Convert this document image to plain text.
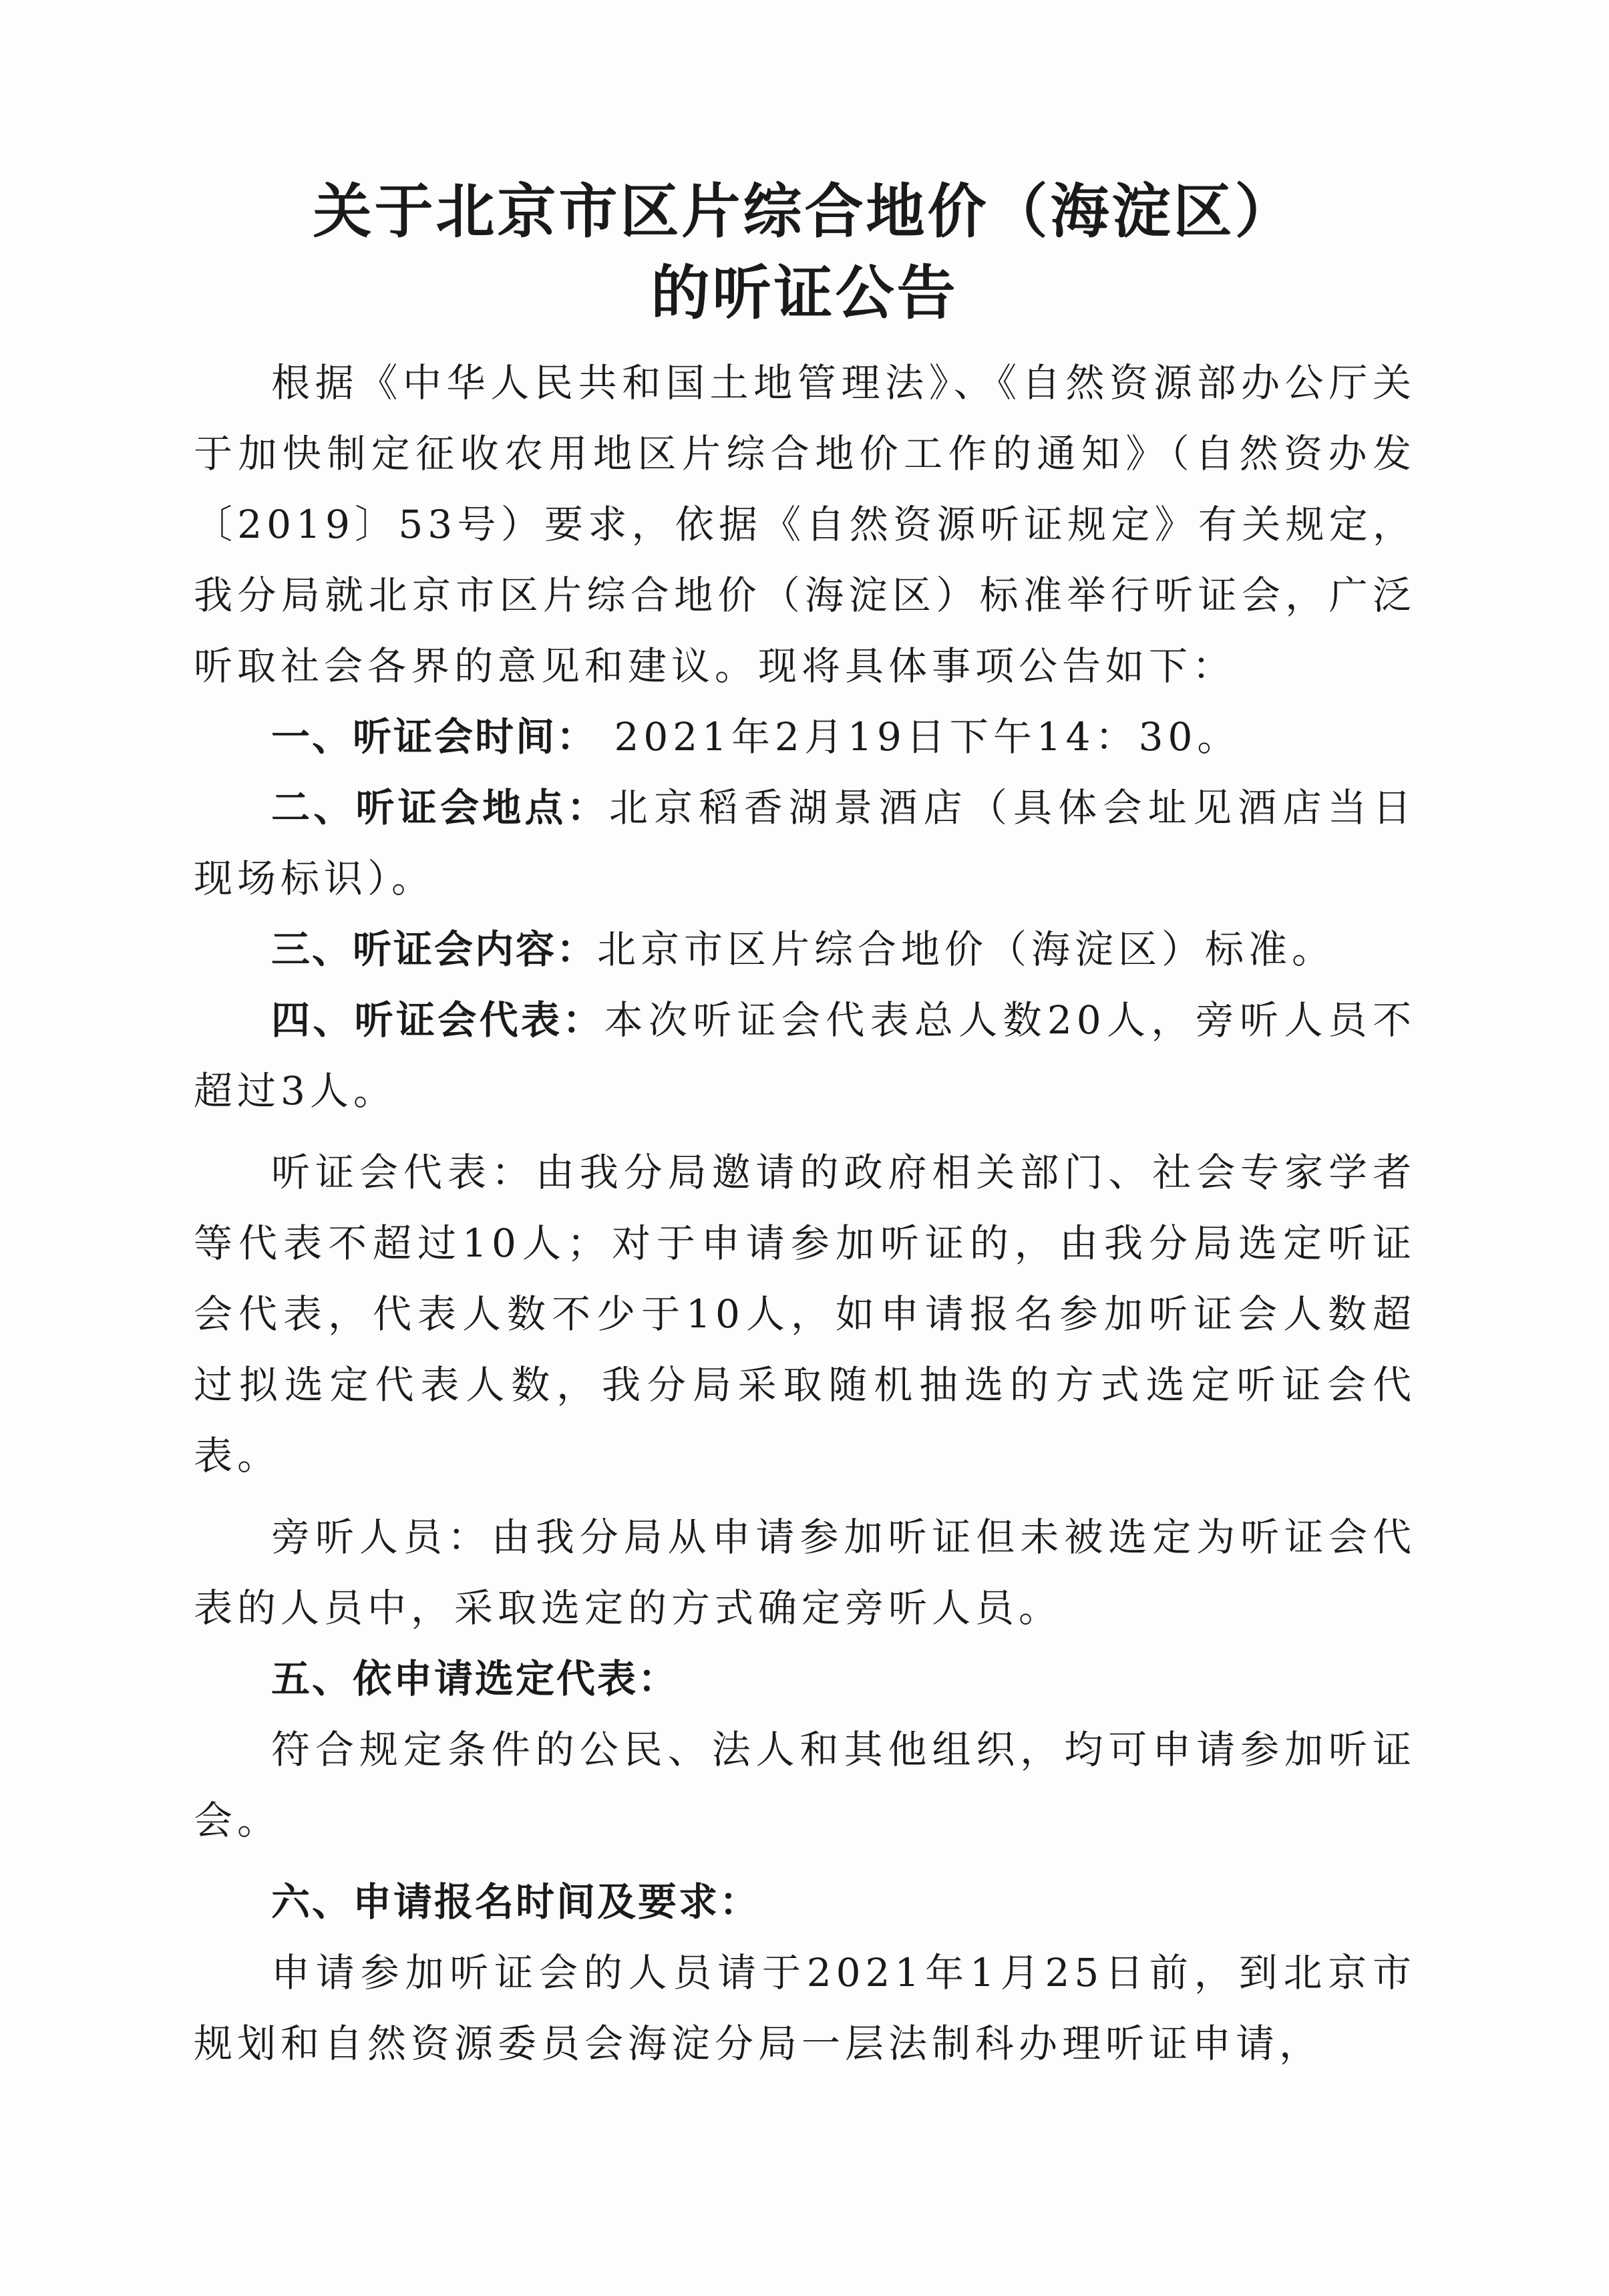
关于北京市区片综合地价（海淀区）
的听证公告

根据《中华人民共和国土地管理法》、《自然资源部办公厅关于加快制定征收农用地区片综合地价工作的通知》（自然资办发〔2019〕53号）要求，依据《自然资源听证规定》有关规定，我分局就北京市区片综合地价（海淀区）标准举行听证会，广泛听取社会各界的意见和建议。现将具体事项公告如下：

一、听证会时间： 2021年2月19日下午14：30。

二、听证会地点：北京稻香湖景酒店（具体会址见酒店当日现场标识）。

三、听证会内容：北京市区片综合地价（海淀区）标准。

四、听证会代表：本次听证会代表总人数20人，旁听人员不超过3人。

听证会代表：由我分局邀请的政府相关部门、社会专家学者等代表不超过10人；对于申请参加听证的，由我分局选定听证会代表，代表人数不少于10人，如申请报名参加听证会人数超过拟选定代表人数，我分局采取随机抽选的方式选定听证会代表。

旁听人员：由我分局从申请参加听证但未被选定为听证会代表的人员中，采取选定的方式确定旁听人员。

五、依申请选定代表：

符合规定条件的公民、法人和其他组织，均可申请参加听证会。

六、申请报名时间及要求：

申请参加听证会的人员请于2021年1月25日前，到北京市规划和自然资源委员会海淀分局一层法制科办理听证申请，
